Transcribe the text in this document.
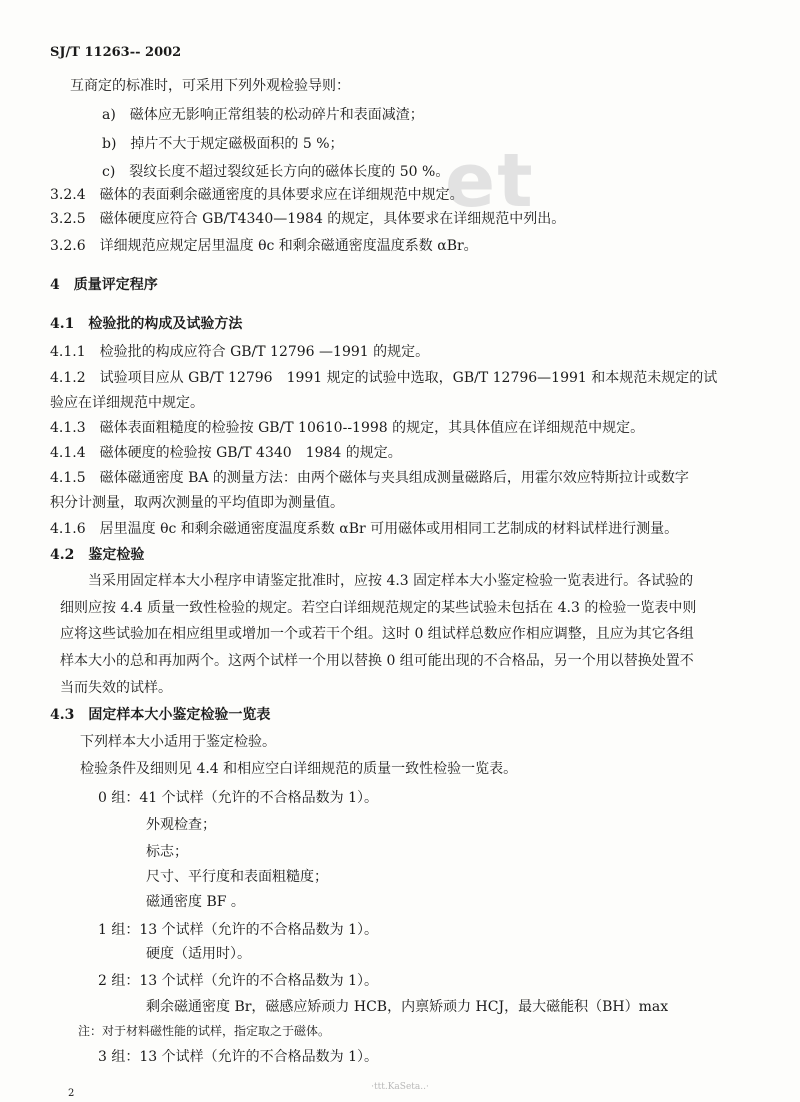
et
SJ/T 11263-- 2002
互商定的标准时，可采用下列外观检验导则：
a)　磁体应无影响正常组装的松动碎片和表面减渣；
b)　掉片不大于规定磁极面积的 5 %；
c)　裂纹长度不超过裂纹延长方向的磁体长度的 50 %。
3.2.4　磁体的表面剩余磁通密度的具体要求应在详细规范中规定。
3.2.5　磁体硬度应符合 GB/T4340—1984 的规定，具体要求在详细规范中列出。
3.2.6　详细规范应规定居里温度 θc 和剩余磁通密度温度系数 αBr。
4　质量评定程序
4.1　检验批的构成及试验方法
4.1.1　检验批的构成应符合 GB/T 12796 —1991 的规定。
4.1.2　试验项目应从 GB/T 12796　1991 规定的试验中选取，GB/T 12796—1991 和本规范未规定的试
验应在详细规范中规定。
4.1.3　磁体表面粗糙度的检验按 GB/T 10610--1998 的规定，其具体值应在详细规范中规定。
4.1.4　磁体硬度的检验按 GB/T 4340　1984 的规定。
4.1.5　磁体磁通密度 BA 的测量方法：由两个磁体与夹具组成测量磁路后，用霍尔效应特斯拉计或数字
积分计测量，取两次测量的平均值即为测量值。
4.1.6　居里温度 θc 和剩余磁通密度温度系数 αBr 可用磁体或用相同工艺制成的材料试样进行测量。
4.2　鉴定检验
当采用固定样本大小程序申请鉴定批准时，应按 4.3 固定样本大小鉴定检验一览表进行。各试验的
细则应按 4.4 质量一致性检验的规定。若空白详细规范规定的某些试验未包括在 4.3 的检验一览表中则
应将这些试验加在相应组里或增加一个或若干个组。这时 0 组试样总数应作相应调整，且应为其它各组
样本大小的总和再加两个。这两个试样一个用以替换 0 组可能出现的不合格品，另一个用以替换处置不
当而失效的试样。
4.3　固定样本大小鉴定检验一览表
下列样本大小适用于鉴定检验。
检验条件及细则见 4.4 和相应空白详细规范的质量一致性检验一览表。
0 组：41 个试样（允许的不合格品数为 1）。
外观检查；
标志；
尺寸、平行度和表面粗糙度；
磁通密度 BF 。
1 组：13 个试样（允许的不合格品数为 1）。
硬度（适用时）。
2 组：13 个试样（允许的不合格品数为 1）。
剩余磁通密度 Br，磁感应矫顽力 HCB，内禀矫顽力 HCJ，最大磁能积（BH）max
注：对于材料磁性能的试样，指定取之于磁体。
3 组：13 个试样（允许的不合格品数为 1）。
2
·ttt.KaSeta..·
